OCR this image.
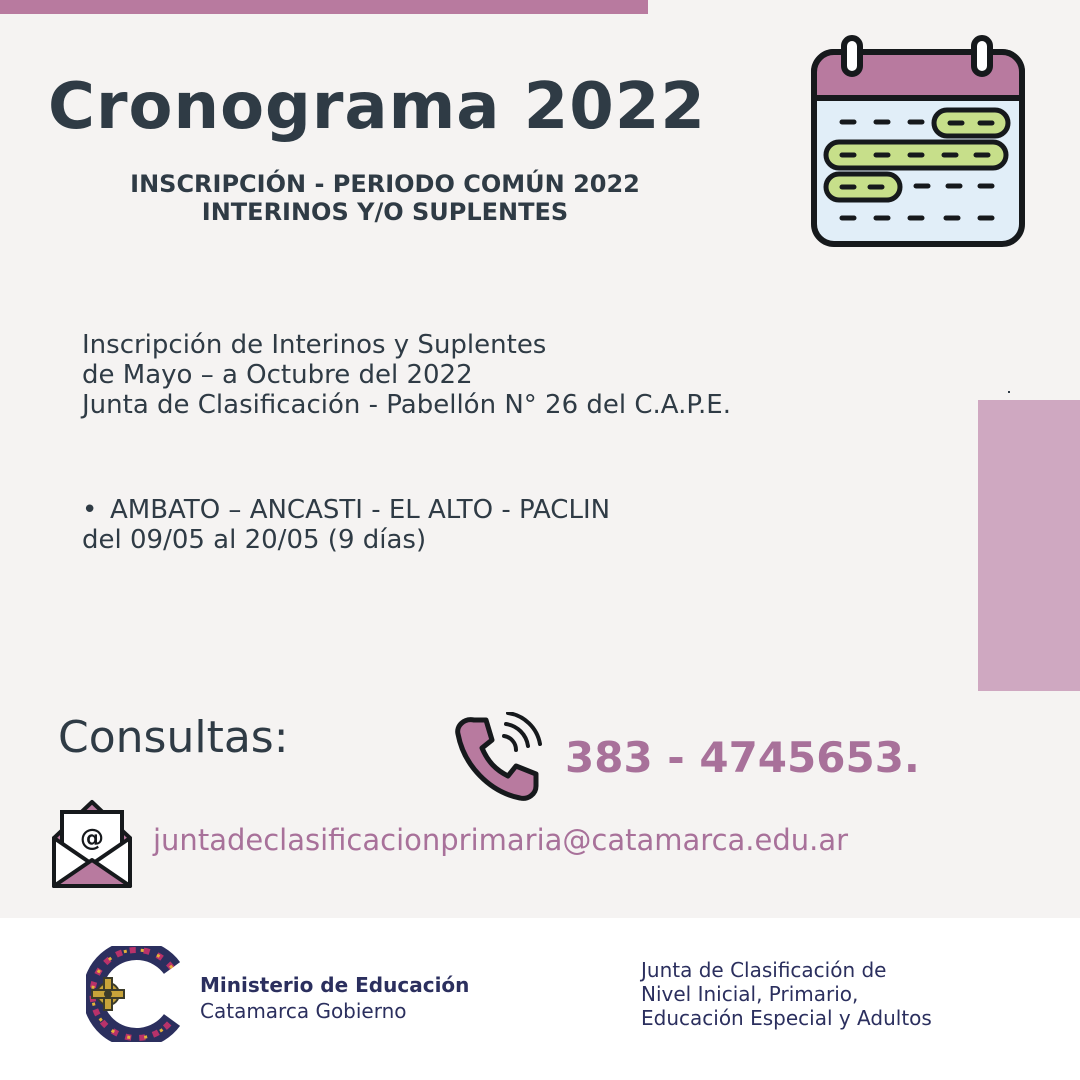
Cronograma 2022
INSCRIPCIÓN - PERIODO COMÚN 2022
INTERINOS Y/O SUPLENTES
Inscripción de Interinos y Suplentes
de Mayo – a Octubre del 2022
Junta de Clasificación - Pabellón N° 26 del C.A.P.E.
• AMBATO – ANCASTI - EL ALTO - PACLIN
del 09/05 al 20/05 (9 días)
Consultas:	383 - 4745653.
@ juntadeclasificacionprimaria@catamarca.edu.ar
Ministerio de Educación
Catamarca Gobierno
Junta de Clasificación de
Nivel Inicial, Primario,
Educación Especial y Adultos
